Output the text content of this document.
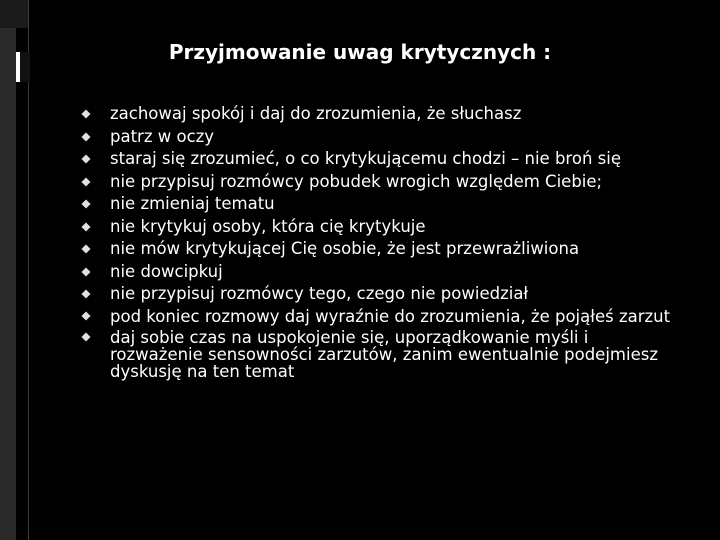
Przyjmowanie uwag krytycznych :
zachowaj spokój i daj do zrozumienia, że słuchasz
patrz w oczy
staraj się zrozumieć, o co krytykującemu chodzi – nie broń się
nie przypisuj rozmówcy pobudek wrogich względem Ciebie;
nie zmieniaj tematu
nie krytykuj osoby, która cię krytykuje
nie mów krytykującej Cię osobie, że jest przewrażliwiona
nie dowcipkuj
nie przypisuj rozmówcy tego, czego nie powiedział
pod koniec rozmowy daj wyraźnie do zrozumienia, że pojąłeś zarzut
daj sobie czas na uspokojenie się, uporządkowanie myśli i rozważenie sensowności zarzutów, zanim ewentualnie podejmiesz dyskusję na ten temat
